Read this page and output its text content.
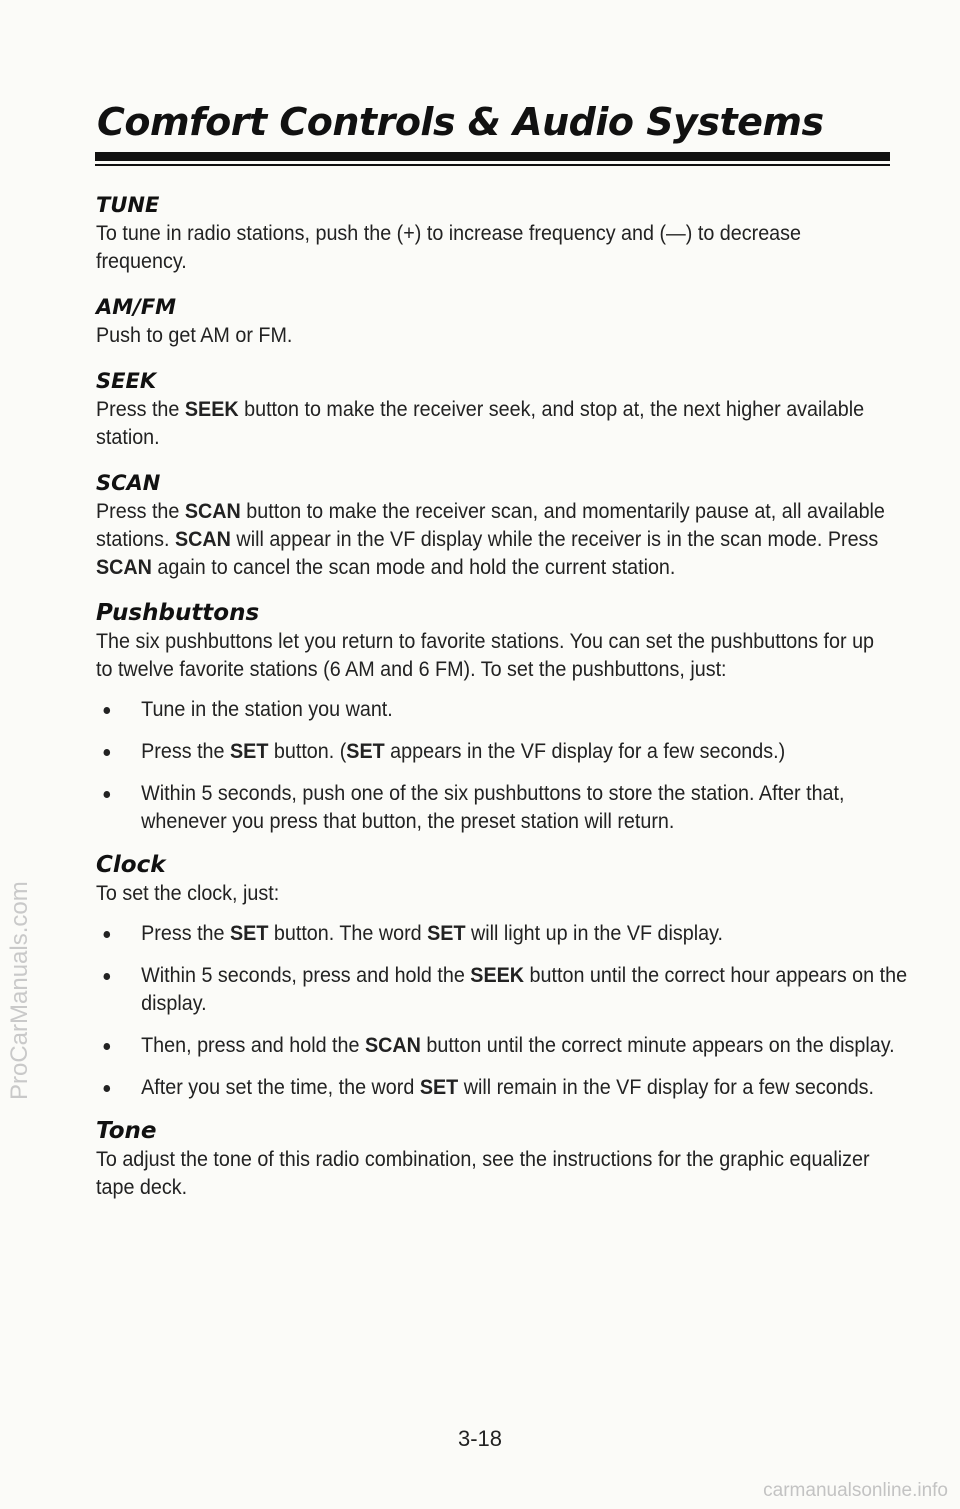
Comfort Controls & Audio Systems
TUNE

To tune in radio stations, push the (+) to increase frequency and (—) to decrease frequency.

AM/FM

Push to get AM or FM.

SEEK

Press the SEEK button to make the receiver seek, and stop at, the next higher available station.

SCAN

Press the SCAN button to make the receiver scan, and momentarily pause at, all available stations. SCAN will appear in the VF display while the receiver is in the scan mode. Press SCAN again to cancel the scan mode and hold the current station.

Pushbuttons

The six pushbuttons let you return to favorite stations. You can set the pushbuttons for up to twelve favorite stations (6 AM and 6 FM). To set the pushbuttons, just:

Tune in the station you want.
Press the SET button. (SET appears in the VF display for a few seconds.)
Within 5 seconds, push one of the six pushbuttons to store the station. After that, whenever you press that button, the preset station will return.
Clock

To set the clock, just:

Press the SET button. The word SET will light up in the VF display.
Within 5 seconds, press and hold the SEEK button until the correct hour appears on the display.
Then, press and hold the SCAN button until the correct minute appears on the display.
After you set the time, the word SET will remain in the VF display for a few seconds.
Tone

To adjust the tone of this radio combination, see the instructions for the graphic equalizer tape deck.

3-18
ProCarManuals.com
carmanualsonline.info
